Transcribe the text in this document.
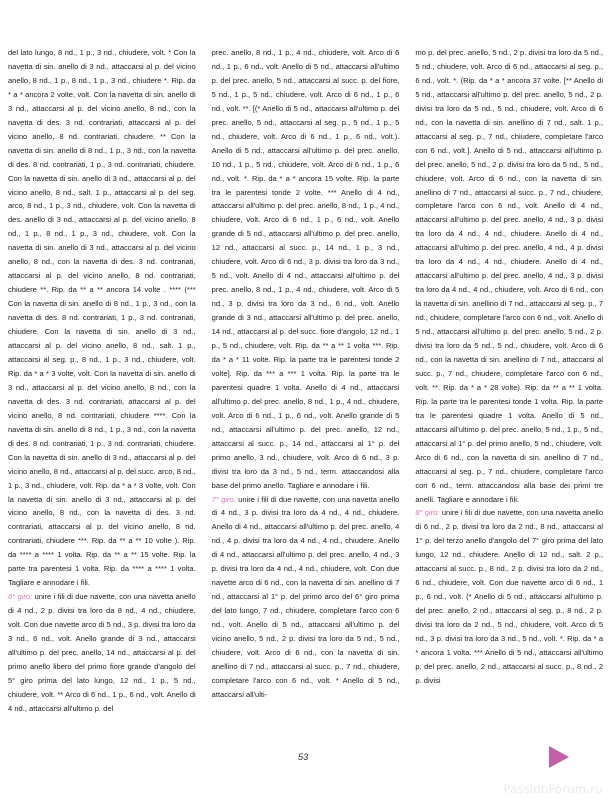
del lato lungo, 8 nd., 1 p., 3 nd., chiudere, volt. * Con la navetta di sin. anello di 3 nd., attaccarsi al p. del vicino anello, 8 nd., 1 p., 8 nd., 1 p., 3 nd., chiudere *. Rip. da * a * ancora 2 volte, volt. Con la navetta di sin. anello di 3 nd., attaccarsi al p. del vicino anello, 8 nd., con la navetta di des. 3 nd. contrariati, attaccarsi al p. del vicino anello, 8 nd. contrariati, chiudere. ** Con la navetta di sin. anello di 8 nd., 1 p., 3 nd., con la navetta di des. 8 nd. contrariati, 1 p., 3 nd. contrariati, chiudere. Con la navetta di sin. anello di 3 nd., attaccarsi al p. del vicino anello, 8 nd., salt. 1 p., attaccarsi al p. del seg. arco, 8 nd., 1 p., 3 nd., chiudere, volt. Con la navetta di des. anello di 3 nd., attaccarsi al p. del vicino anello, 8 nd., 1 p., 8 nd., 1 p., 3 nd., chiudere, volt. Con la navetta di sin. anello di 3 nd., attaccarsi al p. del vicino anello, 8 nd., con la navetta di des. 3 nd. contrariati, attaccarsi al p. del vicino anello, 8 nd. contrariati, chiudere **. Rip. da ** a ** ancora 14 volte . **** (*** Con la navetta di sin. anello di 8 nd., 1 p., 3 nd., con la navetta di des. 8 nd. contrariati, 1 p., 3 nd. contrariati, chiudere. Con la navetta di sin. anello di 3 nd., attaccarsi al p. del vicino anello, 8 nd., salt. 1 p., attaccarsi al seg. p., 8 nd., 1 p., 3 nd., chiudere, volt. Rip. da * a * 3 volte, volt. Con la navetta di sin. anello di 3 nd., attaccarsi al p. del vicino anello, 8 nd., con la navetta di des. 3 nd. contrariati, attaccarsi al p. del vicino anello, 8 nd. contrariati, chiudere ****. Con la navetta di sin. anello di 8 nd., 1 p., 3 nd., con la navetta di des. 8 nd. contrariati, 1 p., 3 nd. contrariati, chiudere. Con la navetta di sin. anello di 3 nd., attaccarsi al p. del vicino anello, 8 nd., attaccarsi al p. del succ. arco, 8 nd., 1 p., 3 nd., chiudere, volt. Rip. da * a * 3 volte, volt. Con la navetta di sin. anello di 3 nd., attaccarsi al p. del vicino anello, 8 nd., con la navetta di des. 3 nd. contrariati, attaccarsi al p. del vicino anello, 8 nd. contrariati, chiudere ***. Rip. da ** a ** 10 volte ). Rip. da **** a **** 1 volta. Rip. da ** a ** 15 volte. Rip. la parte tra parentesi 1 volta. Rip. da **** a **** 1 volta. Tagliare e annodare i fili.

6° giro: unire i fili di due navette, con una navetta anello di 4 nd., 2 p. divisi tra loro da 8 nd., 4 nd., chiudere, volt. Con due navette arco di 5 nd., 3 p. divisi tra loro da 3 nd., 6 nd., volt. Anello grande di 3 nd., attaccarsi all'ultimo p. del prec. anello, 14 nd., attaccarsi al p. del primo anello libero del primo fiore grande d'angolo del 5° giro prima del lato lungo, 12 nd., 1 p., 5 nd., chiudere, volt. ** Arco di 6 nd., 1 p., 6 nd., volt. Anello di 4 nd., attaccarsi all'ultimo p. del

prec. anello, 8 nd., 1 p., 4 nd., chiudere, volt. Arco di 6 nd., 1 p., 6 nd., volt. Anello di 5 nd., attaccarsi all'ultimo p. del prec. anello, 5 nd., attaccarsi al succ. p. del fiore, 5 nd., 1 p., 5 nd., chiudere, volt. Arco di 6 nd., 1 p., 6 nd., volt. **. [(* Anello di 5 nd., attaccarsi all'ultimo p. del prec. anello, 5 nd., attaccarsi al seg. p., 5 nd., 1 p., 5 nd., chiudere, volt. Arco di 6 nd., 1 p., 6 nd., volt.). Anello di 5 nd., attaccarsi all'ultimo p. del prec. anello, 10 nd., 1 p., 5 nd., chiudere, volt. Arco di 6 nd., 1 p., 6 nd., volt. *. Rip. da * a * ancora 15 volte. Rip. la parte tra le parentesi tonde 2 volte. *** Anello di 4 nd., attaccarsi all'ultimo p. del prec. anello, 8 nd., 1 p., 4 nd., chiudere, volt. Arco di 6 nd., 1 p., 6 nd., volt. Anello grande di 5 nd., attaccarsi all'ultimo p. del prec. anello, 12 nd., attaccarsi al succ. p., 14 nd., 1 p., 3 nd., chiudere, volt. Arco di 6 nd., 3 p. divisi tra loro da 3 nd., 5 nd., volt. Anello di 4 nd., attaccarsi all'ultimo p. del prec. anello, 8 nd., 1 p., 4 nd., chiudere, volt. Arco di 5 nd., 3 p. divisi tra loro da 3 nd., 6 nd., volt. Anello grande di 3 nd., attaccarsi all'ultimo p. del prec. anello, 14 nd., attaccarsi al p. del succ. fiore d'angolo, 12 nd., 1 p., 5 nd., chiudere, volt. Rip. da ** a ** 1 volta ***. Rip. da * a * 11 volte. Rip. la parte tra le parentesi tonde 2 volte]. Rip. da *** a *** 1 volta. Rip. la parte tra le parentesi quadre 1 volta. Anello di 4 nd., attaccarsi all'ultimo p. del prec. anello, 8 nd., 1 p., 4 nd., chiudere, volt. Arco di 6 nd., 1 p., 6 nd., volt. Anello grande di 5 nd., attaccarsi all'ultimo p. del prec. anello, 12 nd., attaccarsi al succ. p., 14 nd., attaccarsi al 1° p. del primo anello, 3 nd., chiudere, volt. Arco di 6 nd., 3 p. divisi tra loro da 3 nd., 5 nd., term. attaccandosi alla base del primo anello. Tagliare e annodare i fili.

7° giro: unire i fili di due navette, con una navetta anello di 4 nd., 3 p. divisi tra loro da 4 nd., 4 nd., chiudere. Anello di 4 nd., attaccarsi all'ultimo p. del prec. anello, 4 nd., 4 p. divisi tra loro da 4 nd., 4 nd., chiudere. Anello di 4 nd., attaccarsi all'ultimo p. del prec. anello, 4 nd., 3 p. divisi tra loro da 4 nd., 4 nd., chiudere, volt. Con due navette arco di 6 nd., con la navetta di sin. anellino di 7 nd., attaccarsi al 1° p. del primo arco del 6° giro prima del lato lungo, 7 nd., chiudere, completare l'arco con 6 nd., volt. Anello di 5 nd., attaccarsi all'ultimo p. del vicino anello, 5 nd., 2 p. divisi tra loro da 5 nd., 5 nd., chiudere, volt. Arco di 6 nd., con la navetta di sin. anellino di 7 nd., attaccarsi al succ. p., 7 nd., chiudere, completare l'arco con 6 nd., volt. * Anello di 5 nd., attaccarsi all'ulti-

mo p. del prec. anello, 5 nd., 2 p. divisi tra loro da 5 nd., 5 nd., chiudere, volt. Arco di 6 nd., attaccarsi al seg. p., 6 nd., volt. *. (Rip. da * a * ancora 37 volte. [** Anello di 5 nd., attaccarsi all'ultimo p. del prec. anello, 5 nd., 2 p. divisi tra loro da 5 nd., 5 nd., chiudere, volt. Arco di 6 nd., con la navetta di sin. anellino di 7 nd., salt. 1 p., attaccarsi al seg. p., 7 nd., chiudere, completare l'arco con 6 nd., volt.]. Anello di 5 nd., attaccarsi all'ultimo p. del prec. anello, 5 nd., 2 p. divisi tra loro da 5 nd., 5 nd., chiudere, volt. Arco di 6 nd., con la navetta di sin. anellino di 7 nd., attaccarsi al succ. p., 7 nd., chiudere, completare l'arco con 6 nd., volt. Anello di 4 nd., attaccarsi all'ultimo p. del prec. anello, 4 nd., 3 p. divisi tra loro da 4 nd., 4 nd., chiudere. Anello di 4 nd., attaccarsi all'ultimo p. del prec. anello, 4 nd., 4 p. divisi tra loro da 4 nd., 4 nd., chiudere. Anello di 4 nd., attaccarsi all'ultimo p. del prec. anello, 4 nd., 3 p. divisi tra loro da 4 nd., 4 nd., chiudere, volt. Arco di 6 nd., con la navetta di sin. anellino di 7 nd., attaccarsi al seg. p., 7 nd., chiudere, completare l'arco con 6 nd., volt. Anello di 5 nd., attaccarsi all'ultimo p. del prec. anello, 5 nd., 2 p. divisi tra loro da 5 nd., 5 nd., chiudere, volt. Arco di 6 nd., con la navetta di sin. anellino di 7 nd., attaccarsi al succ. p., 7 nd., chiudere, completare l'arco con 6 nd., volt. **. Rip. da * a * 28 volte). Rip. da ** a ** 1 volta. Rip. la parte tra le parentesi tonde 1 volta. Rip. la parte tra le parentesi quadre 1 volta. Anello di 5 nd., attaccarsi all'ultimo p. del prec. anello, 5 nd., 1 p., 5 nd., attaccarsi al 1° p. del primo anello, 5 nd., chiudere, volt. Arco di 6 nd., con la navetta di sin. anellino di 7 nd., attaccarsi al seg. p., 7 nd., chiudere, completare l'arco con 6 nd., term. attaccandosi alla base dei primi tre anelli. Tagliare e annodare i fili.

8° giro: unire i fili di due navette, con una navetta anello di 6 nd., 2 p. divisi tra loro da 2 nd., 8 nd., attaccarsi al 1° p. del terzo anello d'angolo del 7° giro prima del lato lungo, 12 nd., chiudere. Anello di 12 nd., salt. 2 p., attaccarsi al succ. p., 8 nd., 2 p. divisi tra loro da 2 nd., 6 nd., chiudere, volt. Con due navette arco di 6 nd., 1 p., 6 nd., volt. (* Anello di 5 nd., attaccarsi all'ultimo p. del prec. anello, 2 nd., attaccarsi al seg. p., 8 nd., 2 p. divisi tra loro da 2 nd., 5 nd., chiudere, volt. Arco di 5 nd., 3 p. divisi tra loro da 3 nd., 5 nd., volt. *. Rip. da * a * ancora 1 volta. *** Anello di 5 nd., attaccarsi all'ultimo p. del prec. anello, 2 nd., attaccarsi al succ. p., 8 nd., 2 p. divisi

53
PassionForum.ru
